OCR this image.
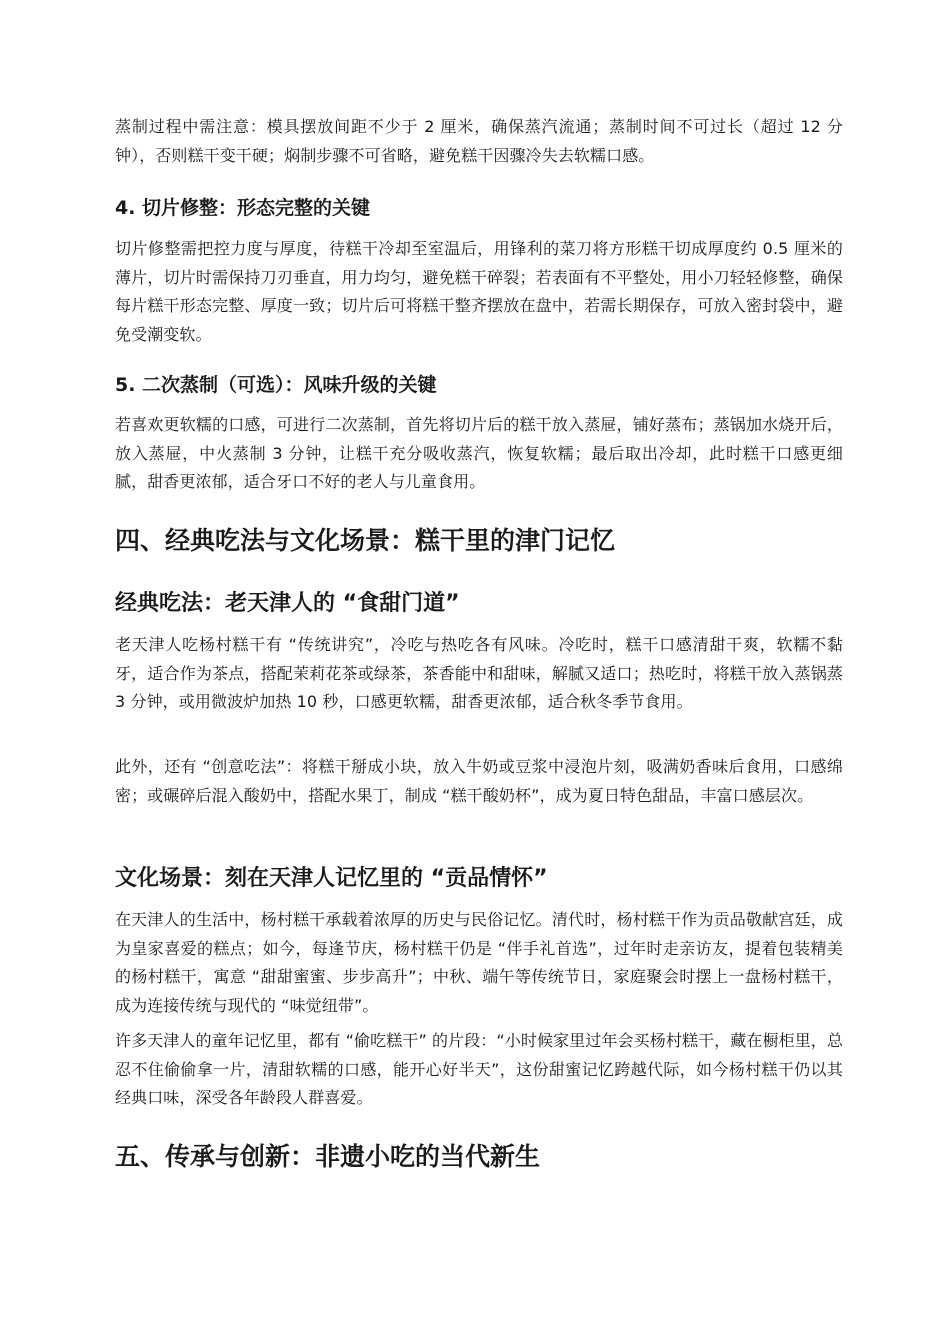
蒸制过程中需注意：模具摆放间距不少于 2 厘米，确保蒸汽流通；蒸制时间不可过长（超过 12 分钟），否则糕干变干硬；焖制步骤不可省略，避免糕干因骤冷失去软糯口感。

4. 切片修整：形态完整的关键

切片修整需把控力度与厚度，待糕干冷却至室温后，用锋利的菜刀将方形糕干切成厚度约 0.5 厘米的薄片，切片时需保持刀刃垂直，用力均匀，避免糕干碎裂；若表面有不平整处，用小刀轻轻修整，确保每片糕干形态完整、厚度一致；切片后可将糕干整齐摆放在盘中，若需长期保存，可放入密封袋中，避免受潮变软。

5. 二次蒸制（可选）：风味升级的关键

若喜欢更软糯的口感，可进行二次蒸制，首先将切片后的糕干放入蒸屉，铺好蒸布；蒸锅加水烧开后，放入蒸屉，中火蒸制 3 分钟，让糕干充分吸收蒸汽，恢复软糯；最后取出冷却，此时糕干口感更细腻，甜香更浓郁，适合牙口不好的老人与儿童食用。

四、经典吃法与文化场景：糕干里的津门记忆
经典吃法：老天津人的 “食甜门道”

老天津人吃杨村糕干有 “传统讲究”，冷吃与热吃各有风味。冷吃时，糕干口感清甜干爽，软糯不黏牙，适合作为茶点，搭配茉莉花茶或绿茶，茶香能中和甜味，解腻又适口；热吃时，将糕干放入蒸锅蒸 3 分钟，或用微波炉加热 10 秒，口感更软糯，甜香更浓郁，适合秋冬季节食用。

此外，还有 “创意吃法”：将糕干掰成小块，放入牛奶或豆浆中浸泡片刻，吸满奶香味后食用，口感绵密；或碾碎后混入酸奶中，搭配水果丁，制成 “糕干酸奶杯”，成为夏日特色甜品，丰富口感层次。

文化场景：刻在天津人记忆里的 “贡品情怀”

在天津人的生活中，杨村糕干承载着浓厚的历史与民俗记忆。清代时，杨村糕干作为贡品敬献宫廷，成为皇家喜爱的糕点；如今，每逢节庆，杨村糕干仍是 “伴手礼首选”，过年时走亲访友，提着包装精美的杨村糕干，寓意 “甜甜蜜蜜、步步高升”；中秋、端午等传统节日，家庭聚会时摆上一盘杨村糕干，成为连接传统与现代的 “味觉纽带”。

许多天津人的童年记忆里，都有 “偷吃糕干” 的片段：“小时候家里过年会买杨村糕干，藏在橱柜里，总忍不住偷偷拿一片，清甜软糯的口感，能开心好半天”，这份甜蜜记忆跨越代际，如今杨村糕干仍以其经典口味，深受各年龄段人群喜爱。

五、传承与创新：非遗小吃的当代新生
